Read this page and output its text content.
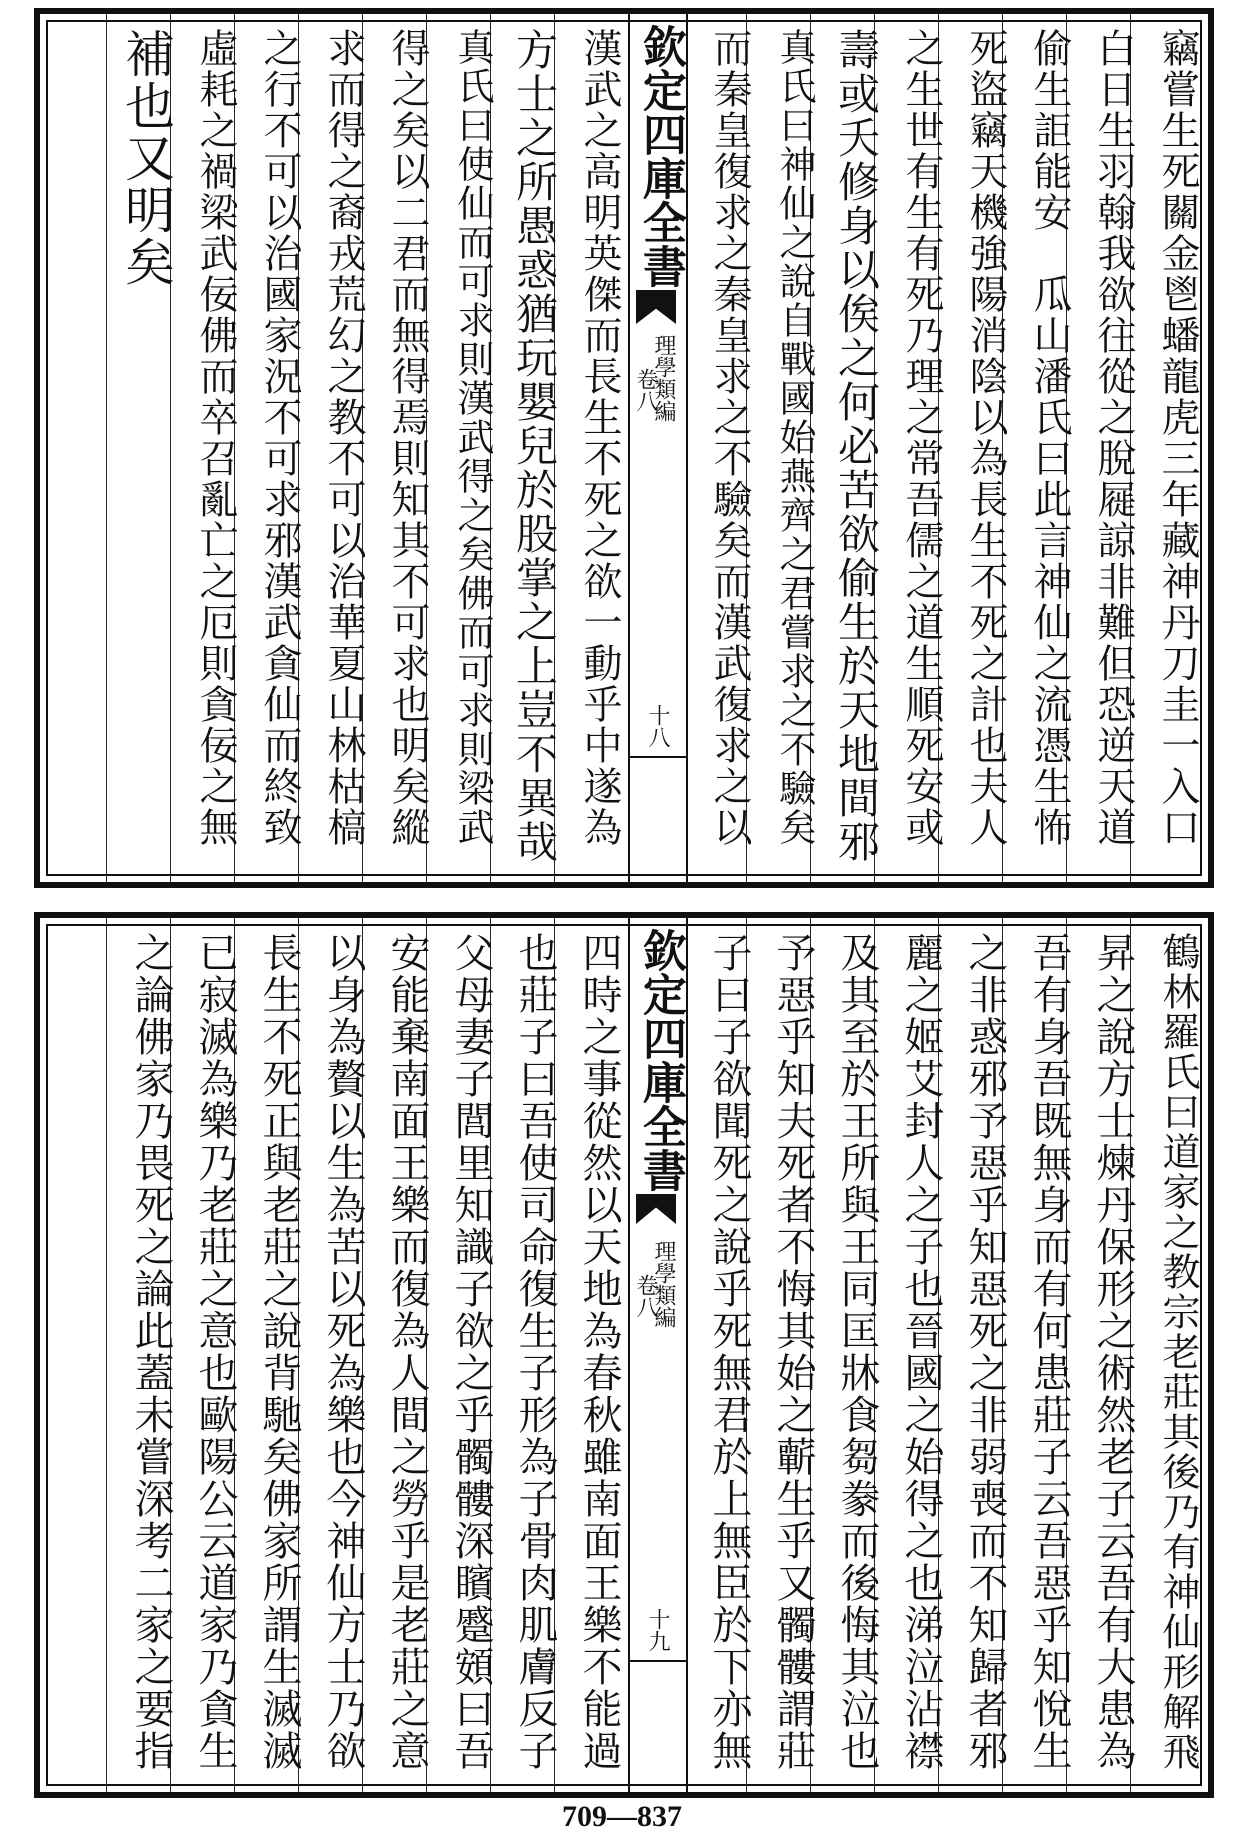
竊嘗生死關金鬯蟠龍虎三年藏神丹刀圭一入口
白日生羽翰我欲往從之脫屣諒非難但恐逆天道
偷生詎能安　瓜山潘氏曰此言神仙之流憑生怖
死盜竊天機強陽消陰以為長生不死之計也夫人
之生世有生有死乃理之常吾儒之道生順死安或
壽或夭修身以俟之何必苦欲偷生於天地間邪
真氏曰神仙之說自戰國始燕齊之君嘗求之不驗矣
而秦皇復求之秦皇求之不驗矣而漢武復求之以
欽定四庫全書
理學類編
卷八
十八
漢武之高明英傑而長生不死之欲一動乎中遂為
方士之所愚惑猶玩嬰兒於股掌之上豈不異哉
真氏曰使仙而可求則漢武得之矣佛而可求則梁武
得之矣以二君而無得焉則知其不可求也明矣縱
求而得之裔戎荒幻之教不可以治華夏山林枯槁
之行不可以治國家況不可求邪漢武貪仙而終致
虛耗之禍梁武佞佛而卒召亂亡之厄則貪佞之無
補也又明矣
鶴林羅氏曰道家之教宗老莊其後乃有神仙形解飛
昇之說方士煉丹保形之術然老子云吾有大患為
吾有身吾既無身而有何患莊子云吾惡乎知悅生
之非惑邪予惡乎知惡死之非弱喪而不知歸者邪
麗之姬艾封人之子也晉國之始得之也涕泣沾襟
及其至於王所與王同匡牀食芻豢而後悔其泣也
予惡乎知夫死者不悔其始之蘄生乎又髑髏謂莊
子曰子欲聞死之說乎死無君於上無臣於下亦無
欽定四庫全書
理學類編
卷八
十九
四時之事從然以天地為春秋雖南面王樂不能過
也莊子曰吾使司命復生子形為子骨肉肌膚反子
父母妻子閭里知識子欲之乎髑髏深矉蹙頞曰吾
安能棄南面王樂而復為人間之勞乎是老莊之意
以身為贅以生為苦以死為樂也今神仙方士乃欲
長生不死正與老莊之說背馳矣佛家所謂生滅滅
已寂滅為樂乃老莊之意也歐陽公云道家乃貪生
之論佛家乃畏死之論此蓋未嘗深考二家之要指
709—837
